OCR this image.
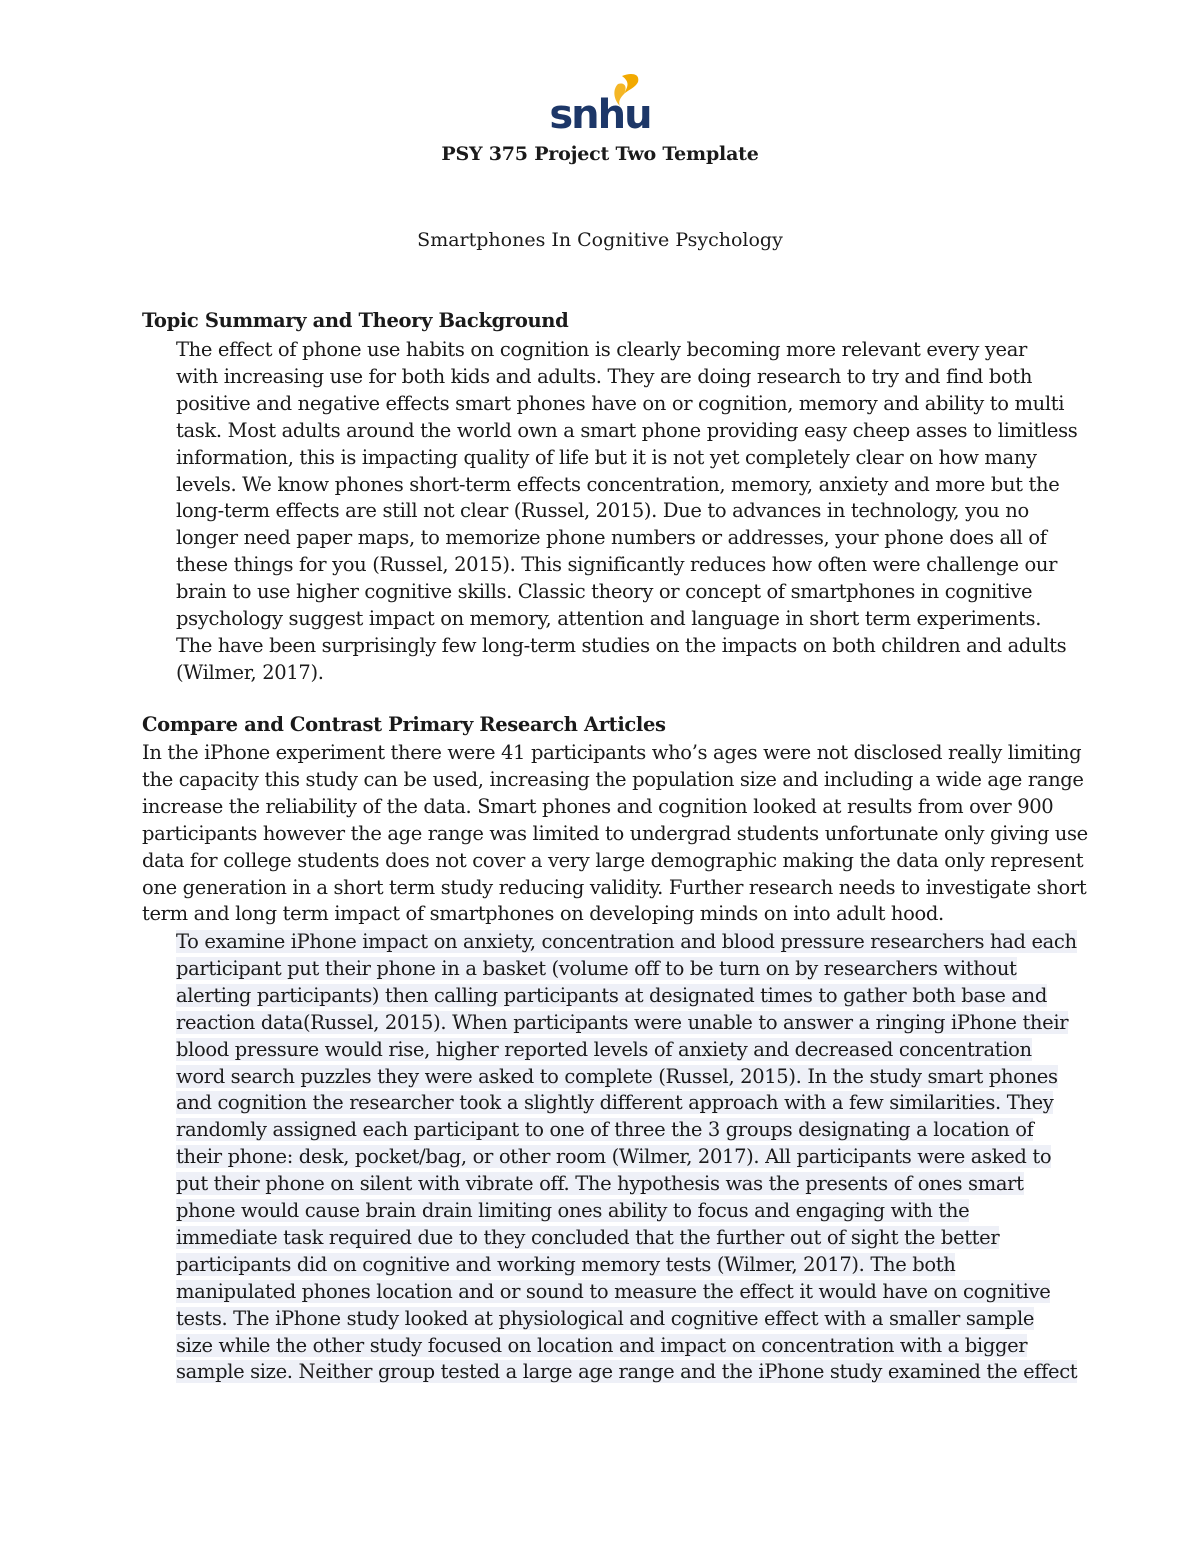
snhu
PSY 375 Project Two Template
Smartphones In Cognitive Psychology
Topic Summary and Theory Background
The effect of phone use habits on cognition is clearly becoming more relevant every year
with increasing use for both kids and adults. They are doing research to try and find both
positive and negative effects smart phones have on or cognition, memory and ability to multi
task. Most adults around the world own a smart phone providing easy cheep asses to limitless
information, this is impacting quality of life but it is not yet completely clear on how many
levels. We know phones short-term effects concentration, memory, anxiety and more but the
long-term effects are still not clear (Russel, 2015). Due to advances in technology, you no
longer need paper maps, to memorize phone numbers or addresses, your phone does all of
these things for you (Russel, 2015). This significantly reduces how often were challenge our
brain to use higher cognitive skills. Classic theory or concept of smartphones in cognitive
psychology suggest impact on memory, attention and language in short term experiments.
The have been surprisingly few long-term studies on the impacts on both children and adults
(Wilmer, 2017).
Compare and Contrast Primary Research Articles
In the iPhone experiment there were 41 participants who’s ages were not disclosed really limiting
the capacity this study can be used, increasing the population size and including a wide age range
increase the reliability of the data. Smart phones and cognition looked at results from over 900
participants however the age range was limited to undergrad students unfortunate only giving use
data for college students does not cover a very large demographic making the data only represent
one generation in a short term study reducing validity. Further research needs to investigate short
term and long term impact of smartphones on developing minds on into adult hood.
To examine iPhone impact on anxiety, concentration and blood pressure researchers had each
participant put their phone in a basket (volume off to be turn on by researchers without
alerting participants) then calling participants at designated times to gather both base and
reaction data(Russel, 2015). When participants were unable to answer a ringing iPhone their
blood pressure would rise, higher reported levels of anxiety and decreased concentration
word search puzzles they were asked to complete (Russel, 2015). In the study smart phones
and cognition the researcher took a slightly different approach with a few similarities. They
randomly assigned each participant to one of three the 3 groups designating a location of
their phone: desk, pocket/bag, or other room (Wilmer, 2017). All participants were asked to
put their phone on silent with vibrate off. The hypothesis was the presents of ones smart
phone would cause brain drain limiting ones ability to focus and engaging with the
immediate task required due to they concluded that the further out of sight the better
participants did on cognitive and working memory tests (Wilmer, 2017). The both
manipulated phones location and or sound to measure the effect it would have on cognitive
tests. The iPhone study looked at physiological and cognitive effect with a smaller sample
size while the other study focused on location and impact on concentration with a bigger
sample size. Neither group tested a large age range and the iPhone study examined the effect
